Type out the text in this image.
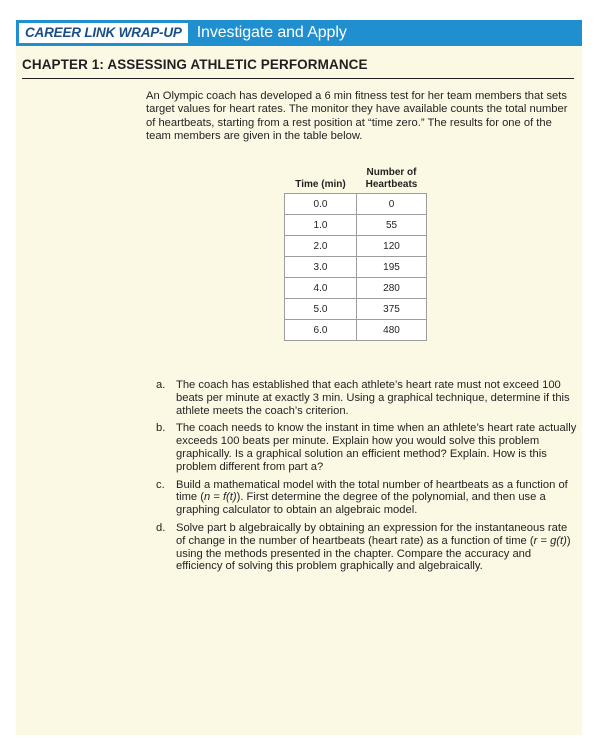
CAREER LINK WRAP-UP Investigate and Apply
CHAPTER 1: ASSESSING ATHLETIC PERFORMANCE
An Olympic coach has developed a 6 min fitness test for her team members that sets target values for heart rates. The monitor they have available counts the total number of heartbeats, starting from a rest position at “time zero.” The results for one of the team members are given in the table below.
Time (min)	Number of
Heartbeats
0.0	0
1.0	55
2.0	120
3.0	195
4.0	280
5.0	375
6.0	480
a. The coach has established that each athlete’s heart rate must not exceed 100 beats per minute at exactly 3 min. Using a graphical technique, determine if this athlete meets the coach’s criterion.
b. The coach needs to know the instant in time when an athlete’s heart rate actually exceeds 100 beats per minute. Explain how you would solve this problem graphically. Is a graphical solution an efficient method? Explain. How is this problem different from part a?
c. Build a mathematical model with the total number of heartbeats as a function of time (n = f(t)). First determine the degree of the polynomial, and then use a graphing calculator to obtain an algebraic model.
d. Solve part b algebraically by obtaining an expression for the instantaneous rate of change in the number of heartbeats (heart rate) as a function of time (r = g(t)) using the methods presented in the chapter. Compare the accuracy and efficiency of solving this problem graphically and algebraically.
